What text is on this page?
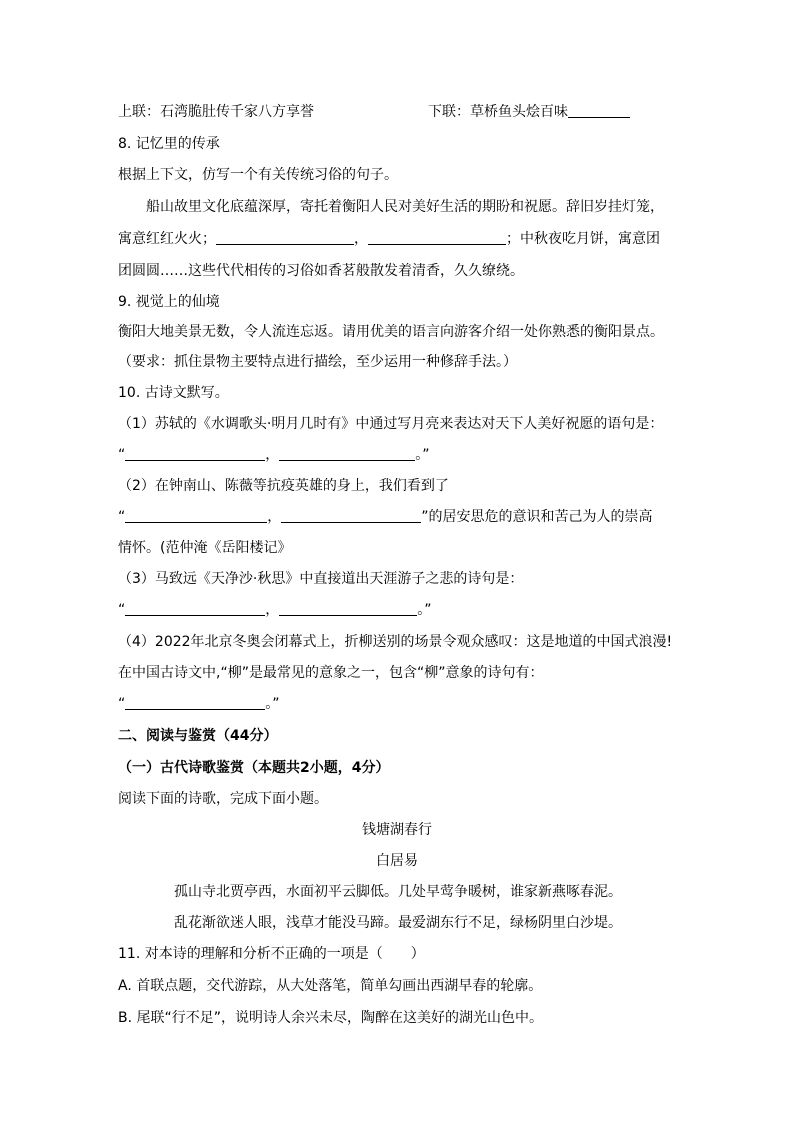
上联：石湾脆肚传千家八方享誉	下联：草桥鱼头烩百味
8. 记忆里的传承
根据上下文，仿写一个有关传统习俗的句子。
船山故里文化底蕴深厚，寄托着衡阳人民对美好生活的期盼和祝愿。辞旧岁挂灯笼，
寓意红红火火；	，	；中秋夜吃月饼，寓意团
团圆圆……这些代代相传的习俗如香茗般散发着清香，久久缭绕。
9. 视觉上的仙境
衡阳大地美景无数，令人流连忘返。请用优美的语言向游客介绍一处你熟悉的衡阳景点。
（要求：抓住景物主要特点进行描绘，至少运用一种修辞手法。）
10. 古诗文默写。
（1）苏轼的《水调歌头·明月几时有》中通过写月亮来表达对天下人美好祝愿的语句是：
“	，	。”
（2）在钟南山、陈薇等抗疫英雄的身上，我们看到了
“	，	”的居安思危的意识和苦己为人的崇高
情怀。(范仲淹《岳阳楼记》
（3）马致远《天净沙·秋思》中直接道出天涯游子之悲的诗句是：
“	，	。”
（4）2022年北京冬奥会闭幕式上，折柳送别的场景令观众感叹：这是地道的中国式浪漫!
在中国古诗文中,“柳”是最常见的意象之一，包含“柳”意象的诗句有：
“	。”
二、阅读与鉴赏（44分）
（一）古代诗歌鉴赏（本题共2小题，4分）
阅读下面的诗歌，完成下面小题。
钱塘湖春行
白居易
孤山寺北贾亭西，水面初平云脚低。几处早莺争暖树，谁家新燕啄春泥。
乱花渐欲迷人眼，浅草才能没马蹄。最爱湖东行不足，绿杨阴里白沙堤。
11. 对本诗的理解和分析不正确的一项是（　　）
A. 首联点题，交代游踪，从大处落笔，简单勾画出西湖早春的轮廓。
B. 尾联“行不足”，说明诗人余兴未尽，陶醉在这美好的湖光山色中。
